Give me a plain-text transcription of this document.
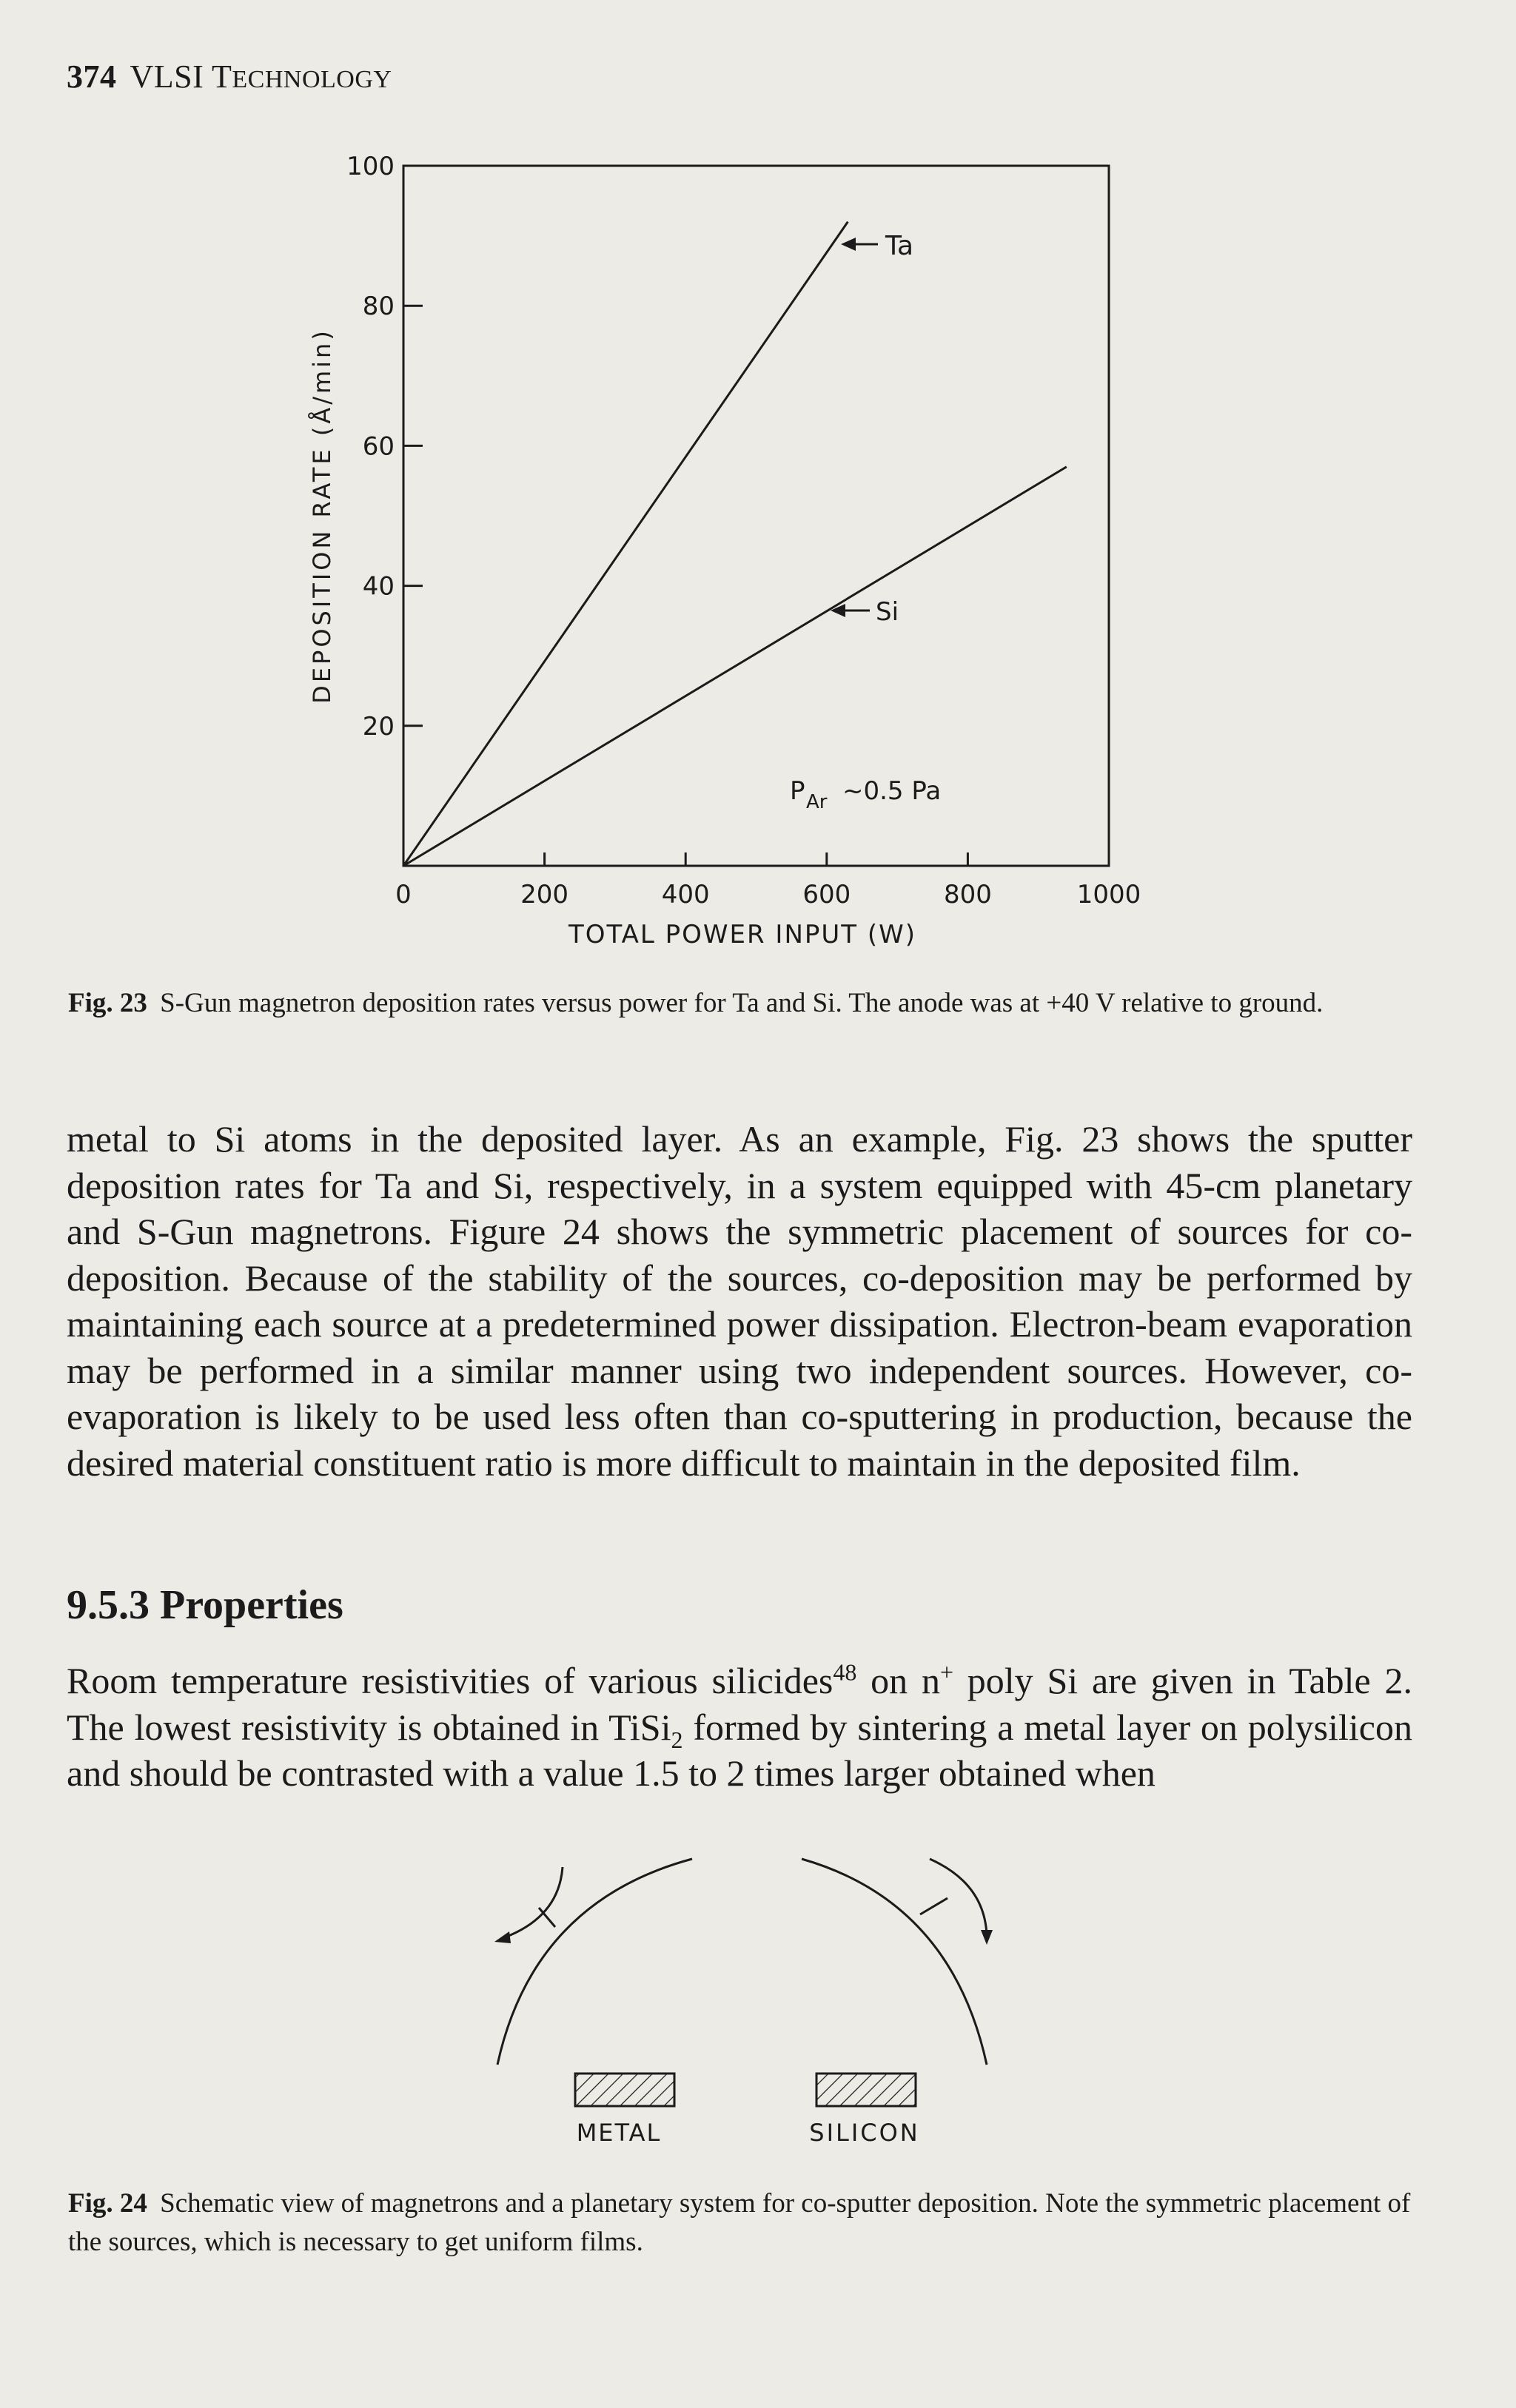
374 VLSI TECHNOLOGY
0	200	400	600	800	1000
20
40
60
80
100
DEPOSITION RATE (Å/min)
TOTAL POWER INPUT (W)
Ta
Si
P Ar ~0.5 Pa
Fig. 23 S-Gun magnetron deposition rates versus power for Ta and Si. The anode was at +40 V relative to ground.
metal to Si atoms in the deposited layer. As an example, Fig. 23 shows the sputter deposition rates for Ta and Si, respectively, in a system equipped with 45-cm planetary and S-Gun magnetrons. Figure 24 shows the symmetric placement of sources for co-deposition. Because of the stability of the sources, co-deposition may be performed by maintaining each source at a predetermined power dissipation. Electron-beam evaporation may be performed in a similar manner using two independent sources. However, co-evaporation is likely to be used less often than co-sputtering in production, because the desired material constituent ratio is more difficult to maintain in the deposited film.
9.5.3 Properties
Room temperature resistivities of various silicides$^{48}$ on n+ poly Si are given in Table 2. The lowest resistivity is obtained in TiSi$_2$ formed by sintering a metal layer on polysilicon and should be contrasted with a value 1.5 to 2 times larger obtained when
METAL	SILICON
Fig. 24 Schematic view of magnetrons and a planetary system for co-sputter deposition. Note the symmetric placement of the sources, which is necessary to get uniform films.
